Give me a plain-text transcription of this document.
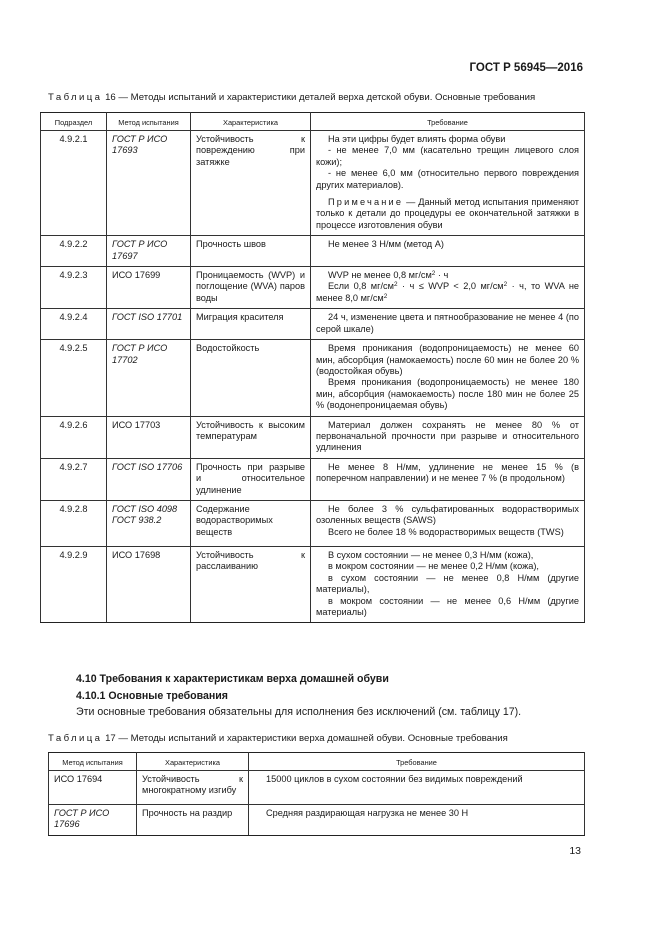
ГОСТ Р 56945—2016
Таблица 16 — Методы испытаний и характеристики деталей верха детской обуви. Основные требования
Подраздел	Метод испытания	Характеристика	Требование
4.9.2.1	ГОСТ Р ИСО 17693	Устойчивость к повреждению при затяжке	На эти цифры будет влиять форма обуви

- не менее 7,0 мм (касательно трещин лицевого слоя кожи);

- не менее 6,0 мм (относительно первого повреждения других материалов).

Примечание — Данный метод испытания применяют только к детали до процедуры ее окончательной затяжки в процессе изготовления обуви

4.9.2.2	ГОСТ Р ИСО 17697	Прочность швов	Не менее 3 Н/мм (метод А)

4.9.2.3	ИСО 17699	Проницаемость (WVP) и поглощение (WVA) паров воды	WVP не менее 0,8 $мг/см^2 \cdot ч$

Если 0,8 $мг/см^2 \cdot ч$ ≤ WVP < 2,0 $мг/см^2 \cdot ч$, то WVA не менее 8,0 $мг/см^2$

4.9.2.4	ГОСТ ISO 17701	Миграция красителя	24 ч, изменение цвета и пятнообразование не менее 4 (по серой шкале)

4.9.2.5	ГОСТ Р ИСО 17702	Водостойкость	Время проникания (водопроницаемость) не менее 60 мин, абсорбция (намокаемость) после 60 мин не более 20 % (водостойкая обувь)

Время проникания (водопроницаемость) не менее 180 мин, абсорбция (намокаемость) после 180 мин не более 25 % (водонепроницаемая обувь)

4.9.2.6	ИСО 17703	Устойчивость к высоким температурам	Материал должен сохранять не менее 80 % от первоначальной прочности при разрыве и относительного удлинения

4.9.2.7	ГОСТ ISO 17706	Прочность при разрыве и относительное удлинение	Не менее 8 Н/мм, удлинение не менее 15 % (в поперечном направлении) и не менее 7 % (в продольном)

4.9.2.8	ГОСТ ISO 4098 ГОСТ 938.2	Содержание водорастворимых веществ	Не более 3 % сульфатированных водорастворимых озоленных веществ (SAWS)

Всего не более 18 % водорастворимых веществ (TWS)

4.9.2.9	ИСО 17698	Устойчивость к расслаиванию	В сухом состоянии — не менее 0,3 Н/мм (кожа),

в мокром состоянии — не менее 0,2 Н/мм (кожа),

в сухом состоянии — не менее 0,8 Н/мм (другие материалы),

в мокром состоянии — не менее 0,6 Н/мм (другие материалы)

4.10 Требования к характеристикам верха домашней обуви
4.10.1 Основные требования
Эти основные требования обязательны для исполнения без исключений (см. таблицу 17).
Таблица 17 — Методы испытаний и характеристики верха домашней обуви. Основные требования
Метод испытания	Характеристика	Требование
ИСО 17694	Устойчивость к многократному изгибу	15000 циклов в сухом состоянии без видимых повреждений

ГОСТ Р ИСО 17696	Прочность на раздир	Средняя раздирающая нагрузка не менее 30 Н

13
